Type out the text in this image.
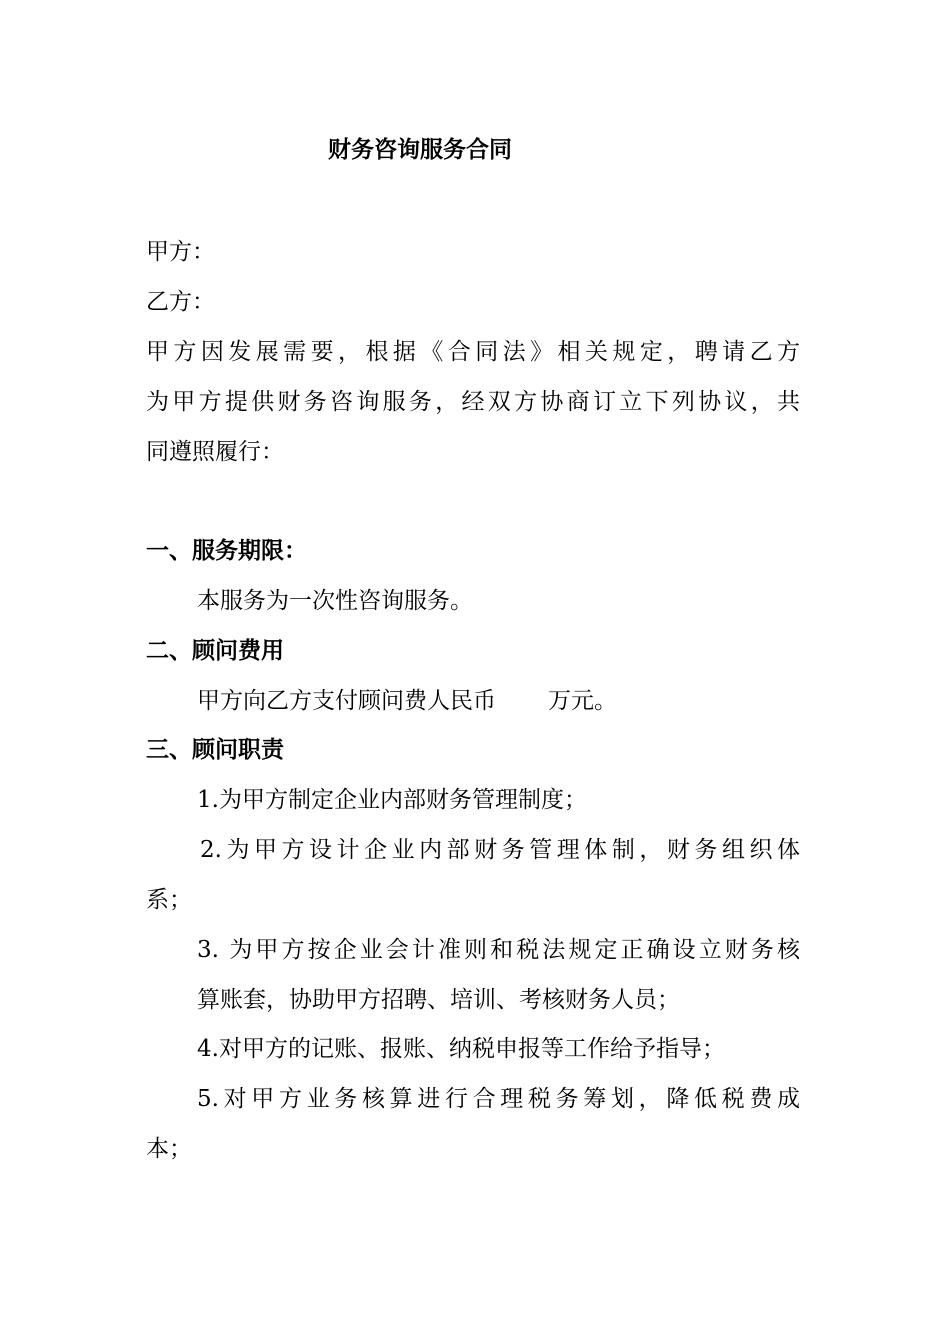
财务咨询服务合同
甲方：
乙方：
甲方因发展需要，根据《合同法》相关规定，聘请乙方
为甲方提供财务咨询服务，经双方协商订立下列协议，共
同遵照履行：
一、服务期限：
本服务为一次性咨询服务。
二、顾问费用
甲方向乙方支付顾问费人民币 万元。
三、顾问职责
1.为甲方制定企业内部财务管理制度；
2.为甲方设计企业内部财务管理体制，财务组织体
系；
3. 为甲方按企业会计准则和税法规定正确设立财务核
算账套，协助甲方招聘、培训、考核财务人员；
4.对甲方的记账、报账、纳税申报等工作给予指导；
5.对甲方业务核算进行合理税务筹划，降低税费成
本；
